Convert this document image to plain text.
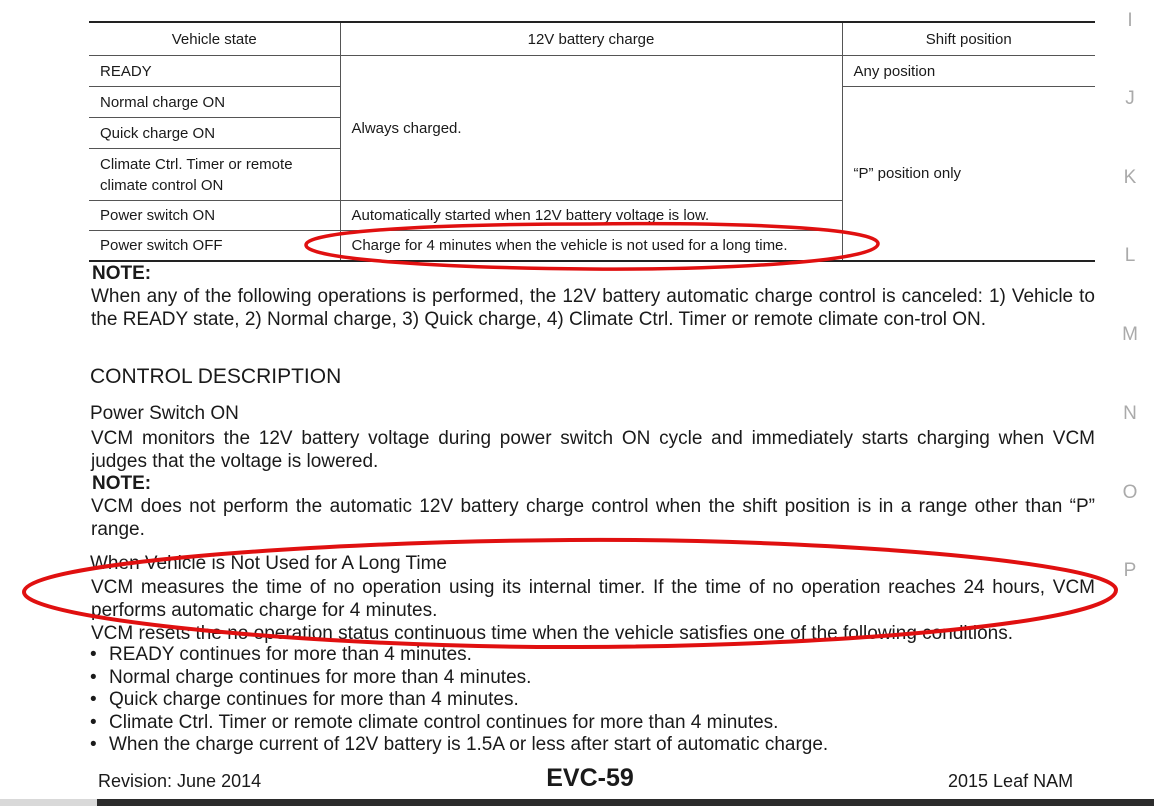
Vehicle state	12V battery charge	Shift position
READY	Always charged.	Any position
Normal charge ON		“P” position only
Quick charge ON		
Climate Ctrl. Timer or remote
climate control ON		
Power switch ON	Automatically started when 12V battery voltage is low.	
Power switch OFF	Charge for 4 minutes when the vehicle is not used for a long time.	
NOTE:
When any of the following operations is performed, the 12V battery automatic charge control is canceled: 1) Vehicle to the READY state, 2) Normal charge, 3) Quick charge, 4) Climate Ctrl. Timer or remote climate con-trol ON.
CONTROL DESCRIPTION
Power Switch ON
VCM monitors the 12V battery voltage during power switch ON cycle and immediately starts charging when VCM judges that the voltage is lowered.
NOTE:
VCM does not perform the automatic 12V battery charge control when the shift position is in a range other than “P” range.
When Vehicle is Not Used for A Long Time
VCM measures the time of no operation using its internal timer. If the time of no operation reaches 24 hours, VCM performs automatic charge for 4 minutes.
VCM resets the no operation status continuous time when the vehicle satisfies one of the following conditions.
• READY continues for more than 4 minutes.
• Normal charge continues for more than 4 minutes.
• Quick charge continues for more than 4 minutes.
• Climate Ctrl. Timer or remote climate control continues for more than 4 minutes.
• When the charge current of 12V battery is 1.5A or less after start of automatic charge.
Revision: June 2014	EVC-59	2015 Leaf NAM
I
J
K
L
M
N
O
P
